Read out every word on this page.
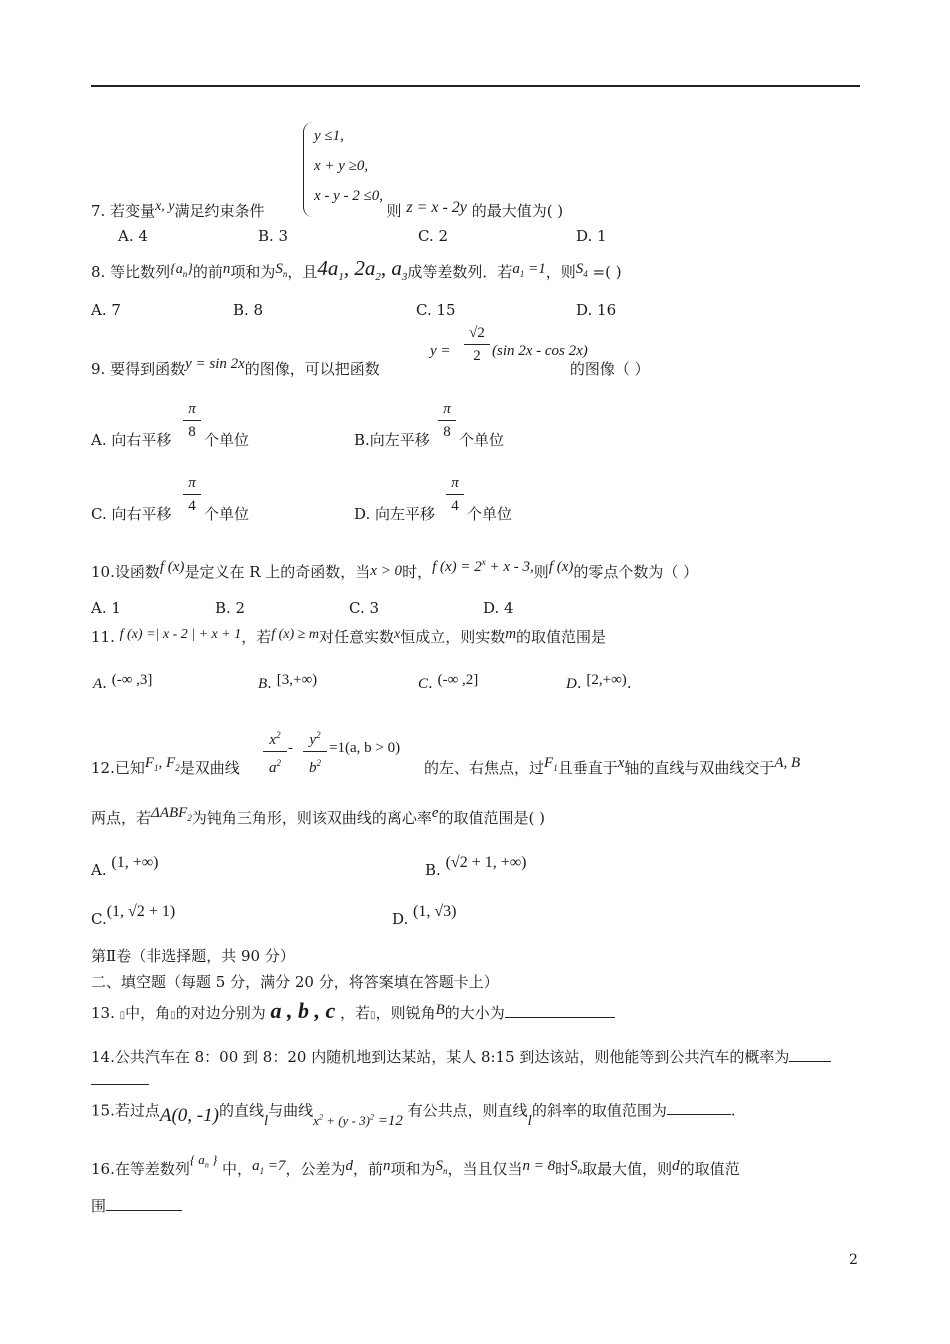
y ≤1,
x + y ≥0,
x - y - 2 ≤0,
7. 若变量$^{x, y}$满足约束条件	则 z = x - 2y 的最大值为( )
A. 4	B. 3	C. 2	D. 1
8. 等比数列$\{a_n\}$的前n项和为$S_n$，且$4a_1$, $2a_2$, $a_3$成等差数列．若$a_1 =1$，则$S_4$ =( )
A. 7	B. 8	C. 15	D. 16
9. 要得到函数y = sin 2x的图像，可以把函数	的图像（ ）
$y = \frac{√2}{2} (\sin$ 2x - cos 2x)
A. 向右平移 $\frac{\pi}{8}$ 个单位	B.向左平移 $\frac{\pi}{8}$ 个单位
C. 向右平移 $\frac{\pi}{4}$ 个单位	D. 向左平移 $\frac{\pi}{4}$ 个单位
10.设函数f (x)是定义在 R 上的奇函数，当x > 0时，f $(x) = 2^x + x - 3$,则f (x)的零点个数为（ ）
A. 1	B. 2	C. 3	D. 4
11. f (x) =| x - 2 | + x + 1，若f (x) ≥ m对任意实数x恒成立，则实数m的取值范围是
A. (-∞ ,3]	B. [3,+∞)	C. (-∞ ,2]	D. [2,+∞).
12.已知$F_1$, $F_2$是双曲线 $\frac{x^2}{a^2} - \frac{y^2}{b^2} =1(a$, b > 0)
的左、右焦点，过$F_1$且垂直于x轴的直线与双曲线交于A, B
两点，若$\Delta ABF_2$为钝角三角形，则该双曲线的离心率e的取值范围是( )
A. (1, +∞)	B. (√2 + 1, +∞)
C.(1, √2 + 1)	D. (1, √3)
第Ⅱ卷（非选择题，共 90 分）
二、填空题（每题 5 分，满分 20 分，将答案填在答题卡上）
13. ▯中，角▯的对边分别为 a , b , c ，若▯，则锐角B的大小为
14.公共汽车在 8：00 到 8：20 内随机地到达某站，某人 8:15 到达该站，则他能等到公共汽车的概率为
15.若过点A(0, -1)的直线l与曲线$x^2 + (y - 3)^2 =12$ 有公共点，则直线l的斜率的取值范围为	.
16.在等差数列{ $a_n$ } 中，$a_1 =7$，公差为d，前n项和为$S_n$，当且仅当n = 8时$S_n$取最大值，则d的取值范
围
2
